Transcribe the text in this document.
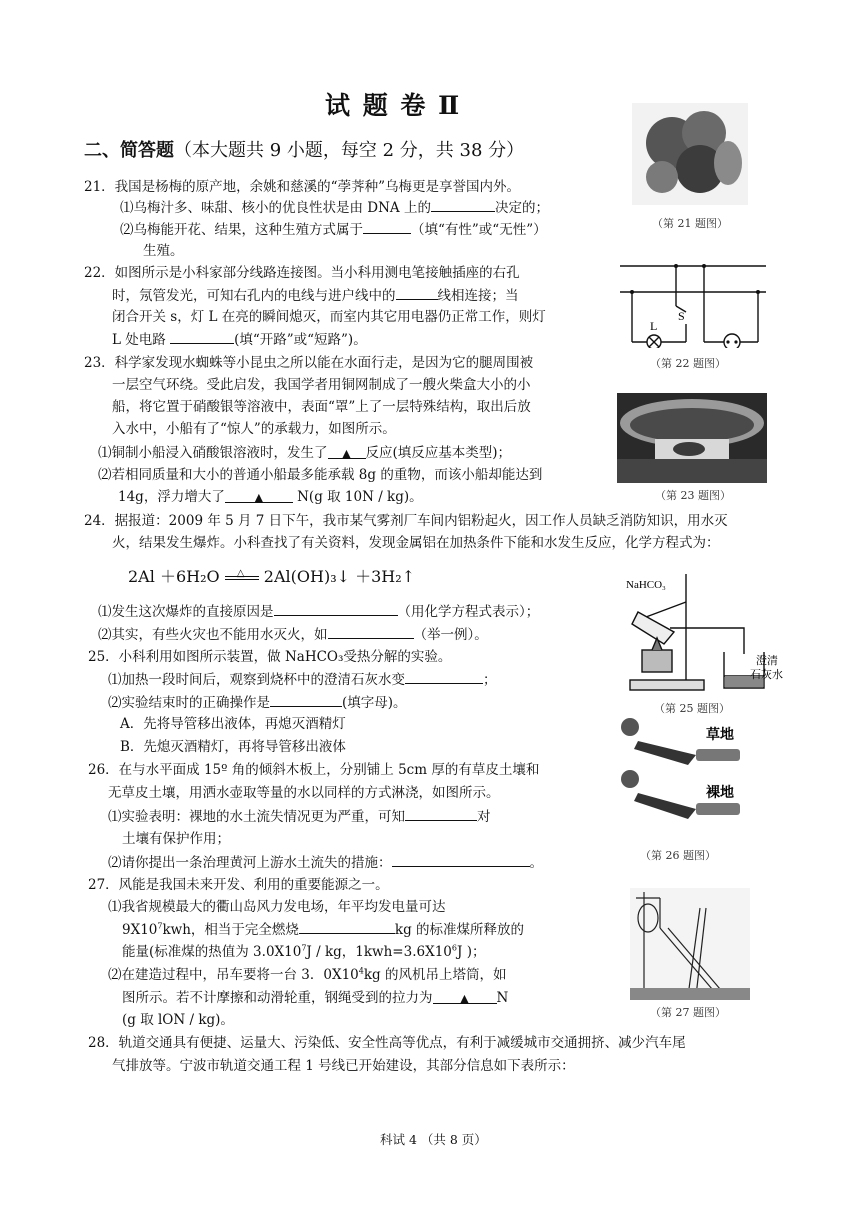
试 题 卷 Ⅱ
二、简答题（本大题共 9 小题，每空 2 分，共 38 分）
21．我国是杨梅的原产地，余姚和慈溪的“荸荠种”乌梅更是享誉国内外。
⑴乌梅汁多、味甜、核小的优良性状是由 DNA 上的	决定的；
⑵乌梅能开花、结果，这种生殖方式属于	（填“有性”或“无性”）
生殖。
（第 21 题图）
22．如图所示是小科家部分线路连接图。当小科用测电笔接触插座的右孔
时，氖管发光，可知右孔内的电线与进户线中的	线相连接；当
闭合开关 s，灯 L 在亮的瞬间熄灭，而室内其它用电器仍正常工作，则灯
L 处电路	(填“开路”或“短路”)。
L
S
（第 22 题图）
23．科学家发现水蜘蛛等小昆虫之所以能在水面行走，是因为它的腿周围被
一层空气环绕。受此启发，我国学者用铜网制成了一艘火柴盒大小的小
船，将它置于硝酸银等溶液中，表面“罩”上了一层特殊结构，取出后放
入水中，小船有了“惊人”的承载力，如图所示。
⑴铜制小船浸入硝酸银溶液时，发生了 ▲ 反应(填反应基本类型)；
⑵若相同质量和大小的普通小船最多能承载 8g 的重物，而该小船却能达到
14g，浮力增大了	▲ N(g 取 10N / kg)。	（第 23 题图）
24．据报道：2009 年 5 月 7 日下午，我市某气雾剂厂车间内铝粉起火，因工作人员缺乏消防知识，用水灭
火，结果发生爆炸。小科查找了有关资料，发现金属铝在加热条件下能和水发生反应，化学方程式为：
2Al ＋6H₂O △ 2Al(OH)₃↓ ＋3H₂↑
⑴发生这次爆炸的直接原因是	（用化学方程式表示）；
⑵其实，有些火灾也不能用水灭火，如	（举一例）。
25．小科利用如图所示装置，做 NaHCO₃受热分解的实验。
⑴加热一段时间后，观察到烧杯中的澄清石灰水变	；
⑵实验结束时的正确操作是	(填字母)。
A．先将导管移出液体，再熄灭酒精灯
B．先熄灭酒精灯，再将导管移出液体
NaHCO₃
澄清
石灰水
（第 25 题图）
26．在与水平面成 15º 角的倾斜木板上，分别铺上 5cm 厚的有草皮土壤和
无草皮土壤，用洒水壶取等量的水以同样的方式淋浇，如图所示。
⑴实验表明：裸地的水土流失情况更为严重，可知	对
土壤有保护作用；
⑵请你提出一条治理黄河上游水土流失的措施：	。
草地
裸地
（第 26 题图）
27．风能是我国未来开发、利用的重要能源之一。
⑴我省规模最大的衢山岛风力发电场，年平均发电量可达
$9X10^7kwh$，相当于完全燃烧	kg 的标准煤所释放的
能量(标准煤的热值为 $3.0X10^7J$ / kg，$1kwh=3.6X10^6J$ )；
⑵在建造过程中，吊车要将一台 3．$0X10^4kg$ 的风机吊上塔筒，如
图所示。若不计摩擦和动滑轮重，钢绳受到的拉力为	▲ N
(g 取 lON / kg)。	（第 27 题图）
28．轨道交通具有便捷、运量大、污染低、安全性高等优点，有利于减缓城市交通拥挤、减少汽车尾
气排放等。宁波市轨道交通工程 1 号线已开始建设，其部分信息如下表所示：
科试 4 （共 8 页）
